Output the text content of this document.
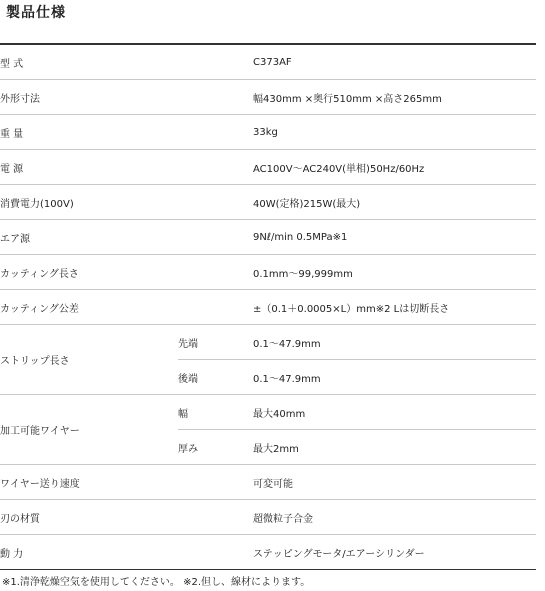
製品仕様
型 式		C373AF
外形寸法		幅430mm ×奥行510mm ×高さ265mm
重 量		33kg
電 源		AC100V〜AC240V(単相)50Hz/60Hz
消費電力(100V)		40W(定格)215W(最大)
エア源		9Nℓ/min 0.5MPa※1
カッティング長さ		0.1mm〜99,999mm
カッティング公差		±（0.1＋0.0005×L）mm※2 Lは切断長さ
ストリップ長さ	先端	0.1〜47.9mm
	後端	0.1〜47.9mm
加工可能ワイヤー	幅	最大40mm
	厚み	最大2mm
ワイヤー送り速度		可変可能
刃の材質		超微粒子合金
動 力		ステッピングモータ/エアーシリンダー
※1.清浄乾燥空気を使用してください。 ※2.但し、線材によります。
